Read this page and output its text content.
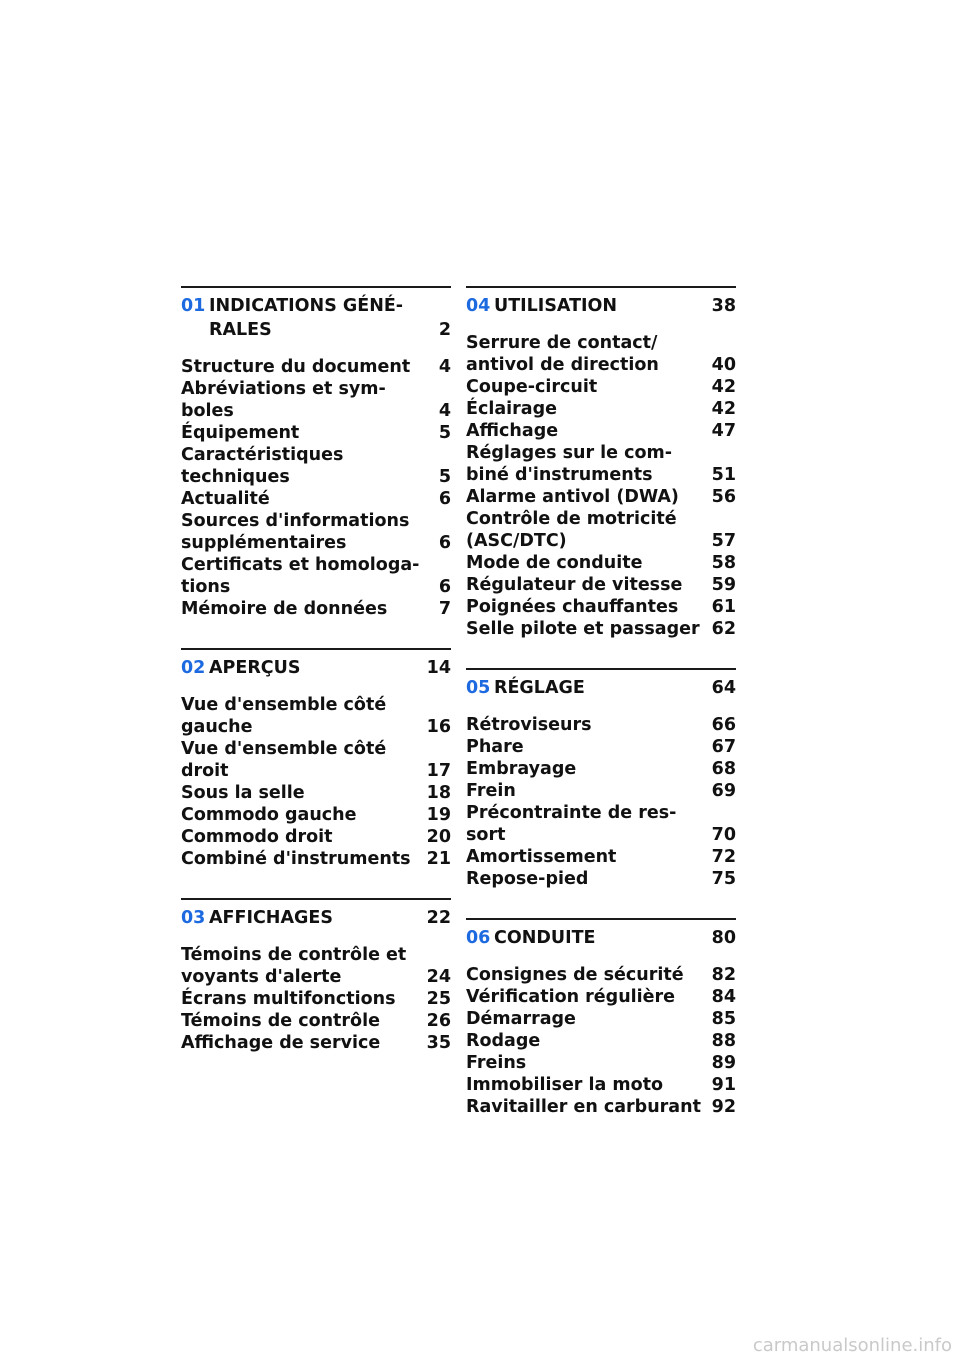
01 INDICATIONS GÉNÉ-
RALES	2
Structure du document	4
Abréviations et sym-
boles	4
Équipement	5
Caractéristiques
techniques	5
Actualité	6
Sources d'informations
supplémentaires	6
Certificats et homologa-
tions	6
Mémoire de données	7
02 APERÇUS	14
Vue d'ensemble côté
gauche	16
Vue d'ensemble côté
droit	17
Sous la selle	18
Commodo gauche	19
Commodo droit	20
Combiné d'instruments 21
03 AFFICHAGES	22
Témoins de contrôle et
voyants d'alerte	24
Écrans multifonctions	25
Témoins de contrôle	26
Affichage de service	35
04 UTILISATION	38
Serrure de contact/
antivol de direction	40
Coupe-circuit	42
Éclairage	42
Affichage	47
Réglages sur le com-
biné d'instruments	51
Alarme antivol (DWA)	56
Contrôle de motricité
(ASC/DTC)	57
Mode de conduite	58
Régulateur de vitesse	59
Poignées chauffantes	61
Selle pilote et passager 62
05 RÉGLAGE	64
Rétroviseurs	66
Phare	67
Embrayage	68
Frein	69
Précontrainte de res-
sort	70
Amortissement	72
Repose-pied	75
06 CONDUITE	80
Consignes de sécurité	82
Vérification régulière	84
Démarrage	85
Rodage	88
Freins	89
Immobiliser la moto	91
Ravitailler en carburant 92
carmanualsonline.info
